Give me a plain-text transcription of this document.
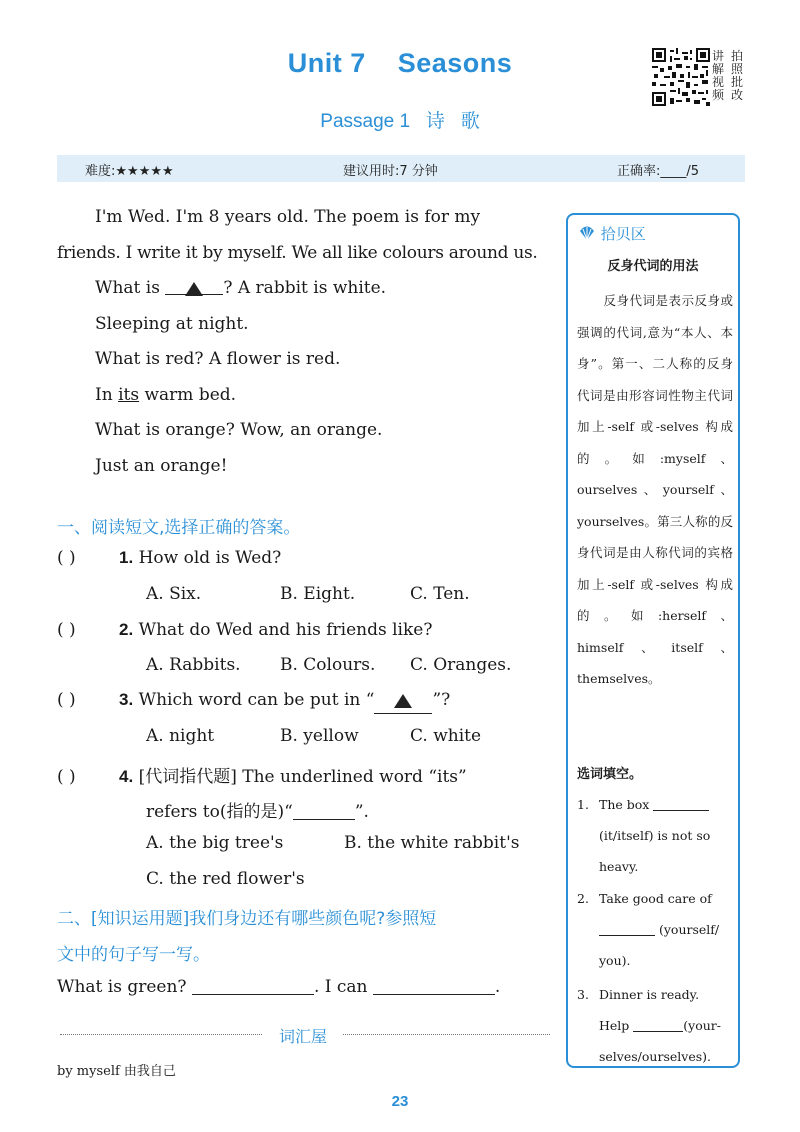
Unit 7    Seasons
Passage 1   诗   歌
讲 拍
解 照
视 批
频 改
难度:★★★★★	建议用时:7 分钟	正确率:____/5

I'm Wed. I'm 8 years old. The poem is for my

friends. I write it by myself. We all like colours around us.

What is	? A rabbit is white.

Sleeping at night.

What is red? A flower is red.

In its warm bed.

What is orange? Wow, an orange.

Just an orange!

一、阅读短文,选择正确的答案。
( )	1. How old is Wed?
A. Six.	B. Eight.	C. Ten.
( )	2. What do Wed and his friends like?
A. Rabbits. B. Colours. C. Oranges.
( )	3. Which word can be put in “	”?
A. night	B. yellow	C. white
( )	4. [代词指代题] The underlined word “its”
refers to(指的是)“	”.
A. the big tree's	B. the white rabbit's
C. the red flower's
二、[知识运用题]我们身边还有哪些颜色呢?参照短
文中的句子写一写。
What is green?	. I can	.
词汇屋
by myself 由我自己
拾贝区
反身代词的用法
反身代词是表示反身或强调的代词,意为“本人、本身”。第一、二人称的反身代词是由形容词性物主代词加上-self 或-selves 构成的。如:myself、ourselves、yourself、yourselves。第三人称的反身代词是由人称代词的宾格加上-self 或-selves 构成的。如:herself、himself、itself、themselves。
选词填空。
1. The box
(it/itself) is not so
heavy.
2. Take good care of
(yourself/
you).
3. Dinner is ready.
Help	(your-
selves/ourselves).
23
